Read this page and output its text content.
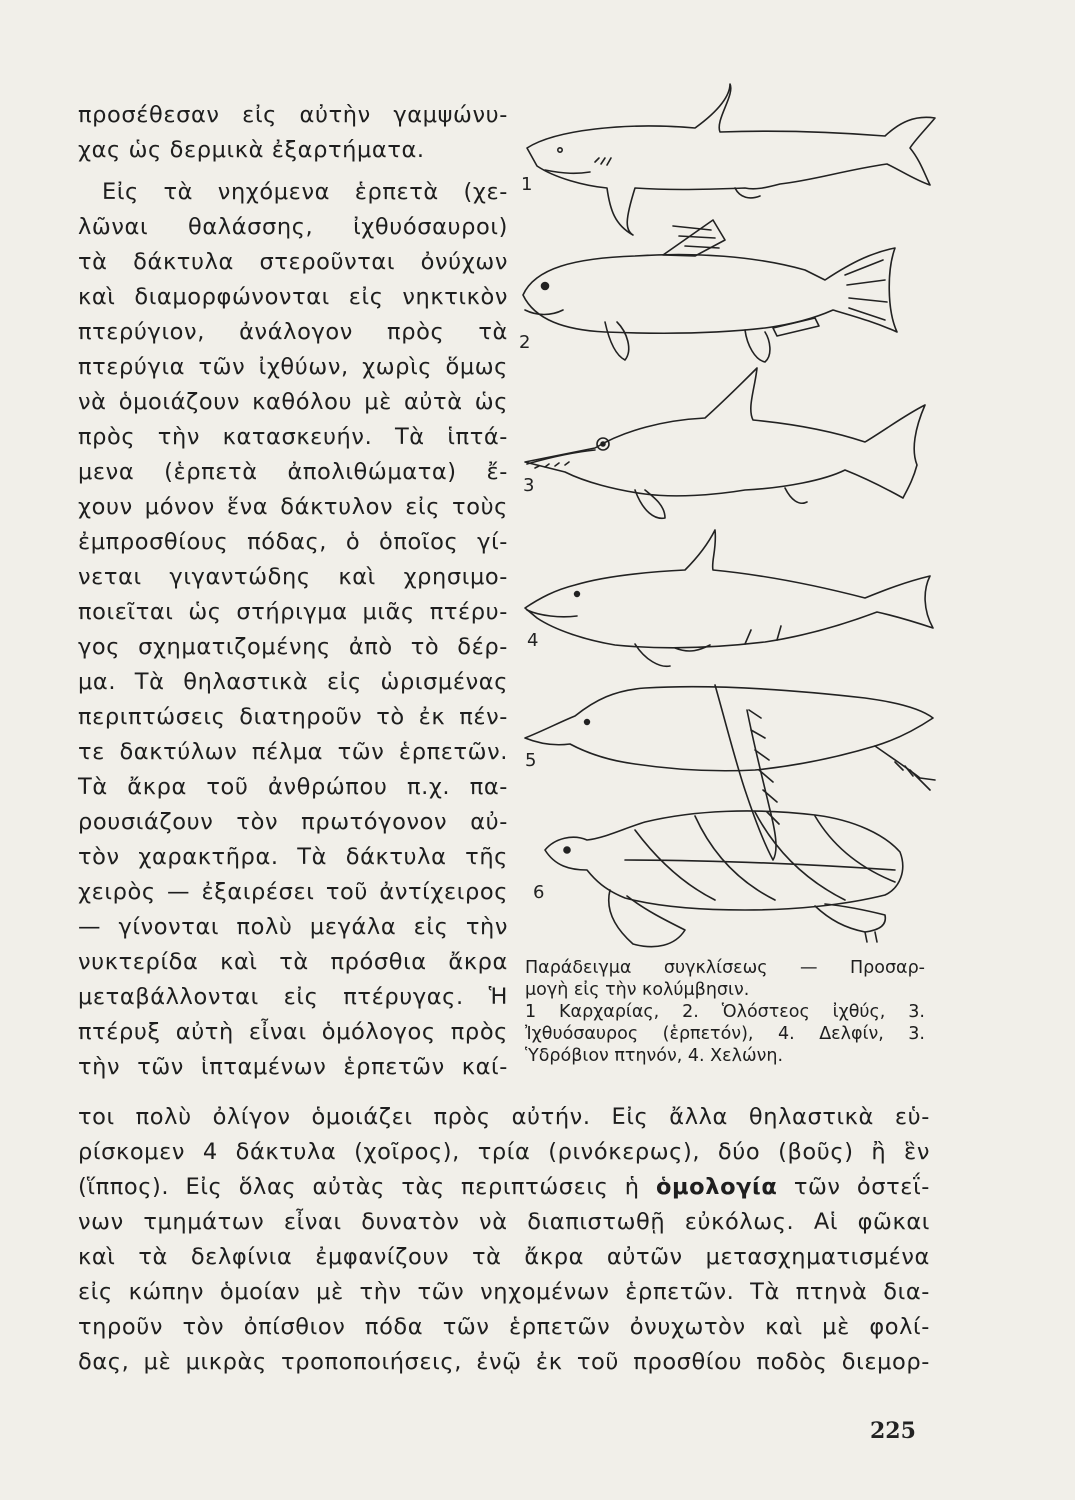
προσέθεσαν εἰς αὐτὴν γαμψώνυ-
χας ὡς δερμικὰ ἐξαρτήματα.
Εἰς τὰ νηχόμενα ἑρπετὰ (χε-
λῶναι θαλάσσης, ἰχθυόσαυροι)
τὰ δάκτυλα στεροῦνται ὀνύχων
καὶ διαμορφώνονται εἰς νηκτικὸν
πτερύγιον, ἀνάλογον πρὸς τὰ
πτερύγια τῶν ἰχθύων, χωρὶς ὅμως
νὰ ὁμοιάζουν καθόλου μὲ αὐτὰ ὡς
πρὸς τὴν κατασκευήν. Τὰ ἱπτά-
μενα (ἑρπετὰ ἀπολιθώματα) ἔ-
χουν μόνον ἕνα δάκτυλον εἰς τοὺς
ἐμπροσθίους πόδας, ὁ ὁποῖος γί-
νεται γιγαντώδης καὶ χρησιμο-
ποιεῖται ὡς στήριγμα μιᾶς πτέρυ-
γος σχηματιζομένης ἀπὸ τὸ δέρ-
μα. Τὰ θηλαστικὰ εἰς ὡρισμένας
περιπτώσεις διατηροῦν τὸ ἐκ πέν-
τε δακτύλων πέλμα τῶν ἑρπετῶν.
Τὰ ἄκρα τοῦ ἀνθρώπου π.χ. πα-
ρουσιάζουν τὸν πρωτόγονον αὐ-
τὸν χαρακτῆρα. Τὰ δάκτυλα τῆς
χειρὸς — ἐξαιρέσει τοῦ ἀντίχειρος
— γίνονται πολὺ μεγάλα εἰς τὴν
νυκτερίδα καὶ τὰ πρόσθια ἄκρα
μεταβάλλονται εἰς πτέρυγας. Ἡ
πτέρυξ αὐτὴ εἶναι ὁμόλογος πρὸς
τὴν τῶν ἱπταμένων ἑρπετῶν καί-
τοι πολὺ ὀλίγον ὁμοιάζει πρὸς αὐτήν. Εἰς ἄλλα θηλαστικὰ εὑ-
ρίσκομεν 4 δάκτυλα (χοῖρος), τρία (ρινόκερως), δύο (βοῦς) ἢ ἓν
(ἵππος). Εἰς ὅλας αὐτὰς τὰς περιπτώσεις ἡ ὁμολογία τῶν ὀστεΐ-
νων τμημάτων εἶναι δυνατὸν νὰ διαπιστωθῇ εὐκόλως. Αἱ φῶκαι
καὶ τὰ δελφίνια ἐμφανίζουν τὰ ἄκρα αὐτῶν μετασχηματισμένα
εἰς κώπην ὁμοίαν μὲ τὴν τῶν νηχομένων ἑρπετῶν. Τὰ πτηνὰ δια-
τηροῦν τὸν ὀπίσθιον πόδα τῶν ἑρπετῶν ὀνυχωτὸν καὶ μὲ φολί-
δας, μὲ μικρὰς τροποποιήσεις, ἐνῷ ἐκ τοῦ προσθίου ποδὸς διεμορ-
1
2
3
4
5
6
Παράδειγμα συγκλίσεως — Προσαρ-
μογὴ εἰς τὴν κολύμβησιν.
1 Καρχαρίας, 2. Ὁλόστεος ἰχθύς, 3.
Ἰχθυόσαυρος (ἑρπετόν), 4. Δελφίν, 3.
Ὑδρόβιον πτηνόν, 4. Χελώνη.
225
